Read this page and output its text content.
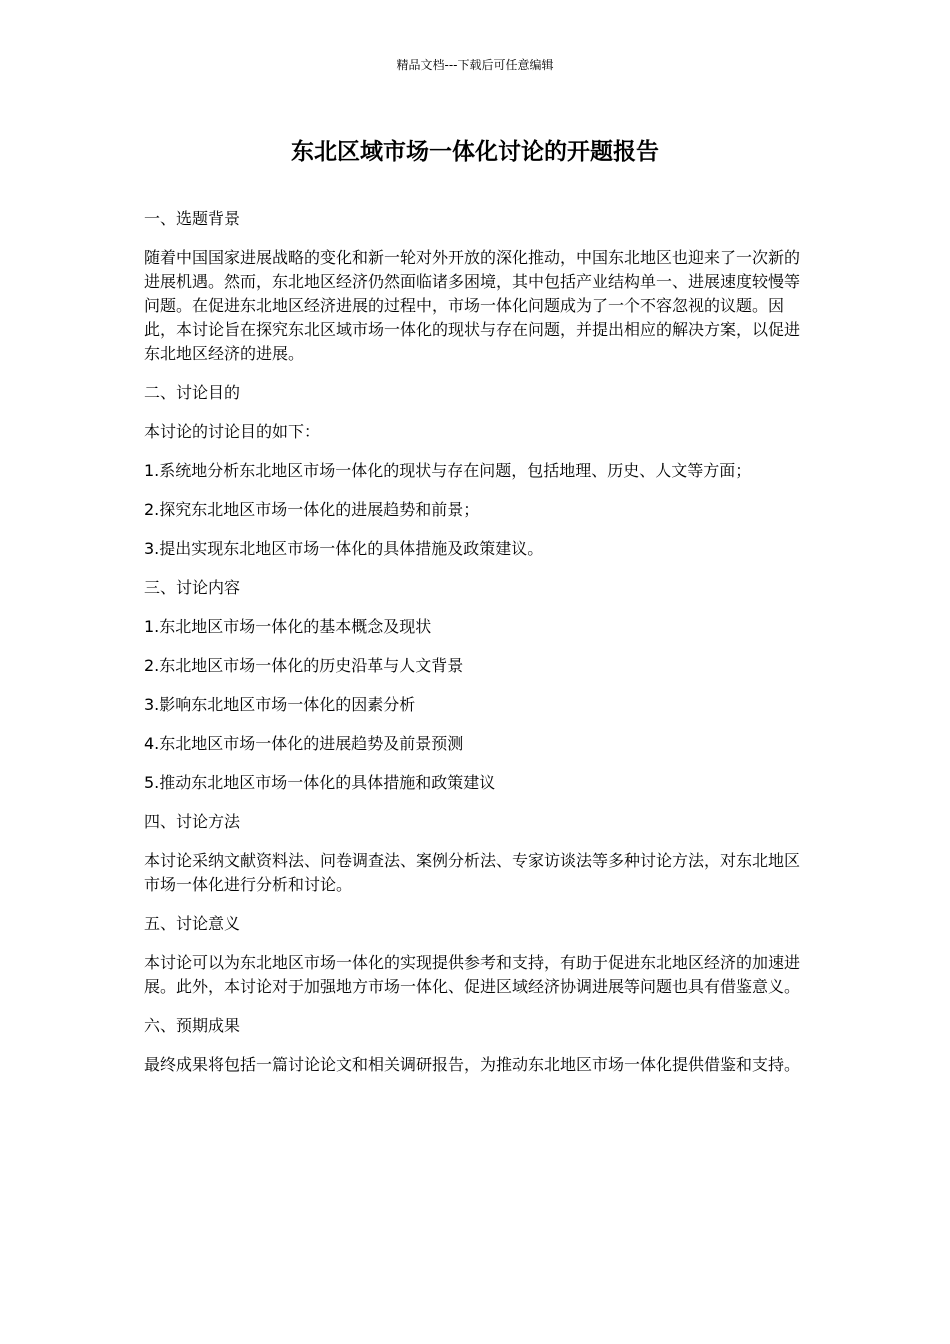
精品文档---下载后可任意编辑
东北区域市场一体化讨论的开题报告

一、选题背景

随着中国国家进展战略的变化和新一轮对外开放的深化推动，中国东北地区也迎来了一次新的进展机遇。然而，东北地区经济仍然面临诸多困境，其中包括产业结构单一、进展速度较慢等问题。在促进东北地区经济进展的过程中，市场一体化问题成为了一个不容忽视的议题。因此，本讨论旨在探究东北区域市场一体化的现状与存在问题，并提出相应的解决方案，以促进东北地区经济的进展。

二、讨论目的

本讨论的讨论目的如下：

1.系统地分析东北地区市场一体化的现状与存在问题，包括地理、历史、人文等方面；

2.探究东北地区市场一体化的进展趋势和前景；

3.提出实现东北地区市场一体化的具体措施及政策建议。

三、讨论内容

1.东北地区市场一体化的基本概念及现状

2.东北地区市场一体化的历史沿革与人文背景

3.影响东北地区市场一体化的因素分析

4.东北地区市场一体化的进展趋势及前景预测

5.推动东北地区市场一体化的具体措施和政策建议

四、讨论方法

本讨论采纳文献资料法、问卷调查法、案例分析法、专家访谈法等多种讨论方法，对东北地区市场一体化进行分析和讨论。

五、讨论意义

本讨论可以为东北地区市场一体化的实现提供参考和支持，有助于促进东北地区经济的加速进展。此外，本讨论对于加强地方市场一体化、促进区域经济协调进展等问题也具有借鉴意义。

六、预期成果

最终成果将包括一篇讨论论文和相关调研报告，为推动东北地区市场一体化提供借鉴和支持。
